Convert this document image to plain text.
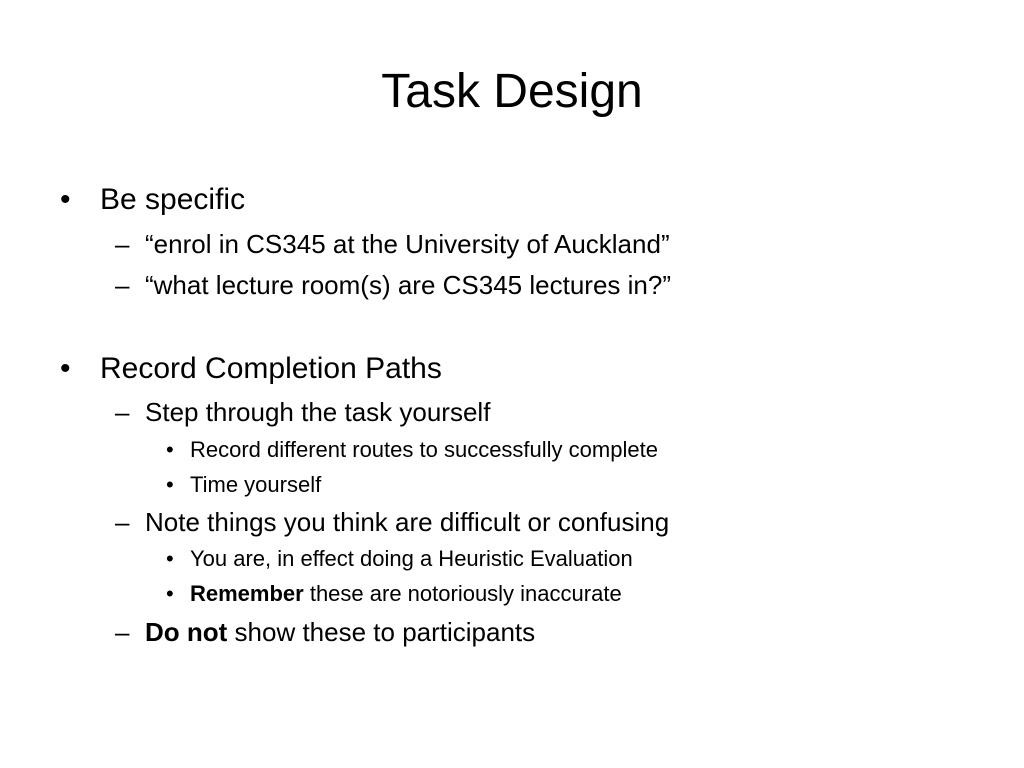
Task Design
• Be specific
– “enrol in CS345 at the University of Auckland”
– “what lecture room(s) are CS345 lectures in?”
• Record Completion Paths
– Step through the task yourself
• Record different routes to successfully complete
• Time yourself
– Note things you think are difficult or confusing
• You are, in effect doing a Heuristic Evaluation
• Remember these are notoriously inaccurate
– Do not show these to participants
